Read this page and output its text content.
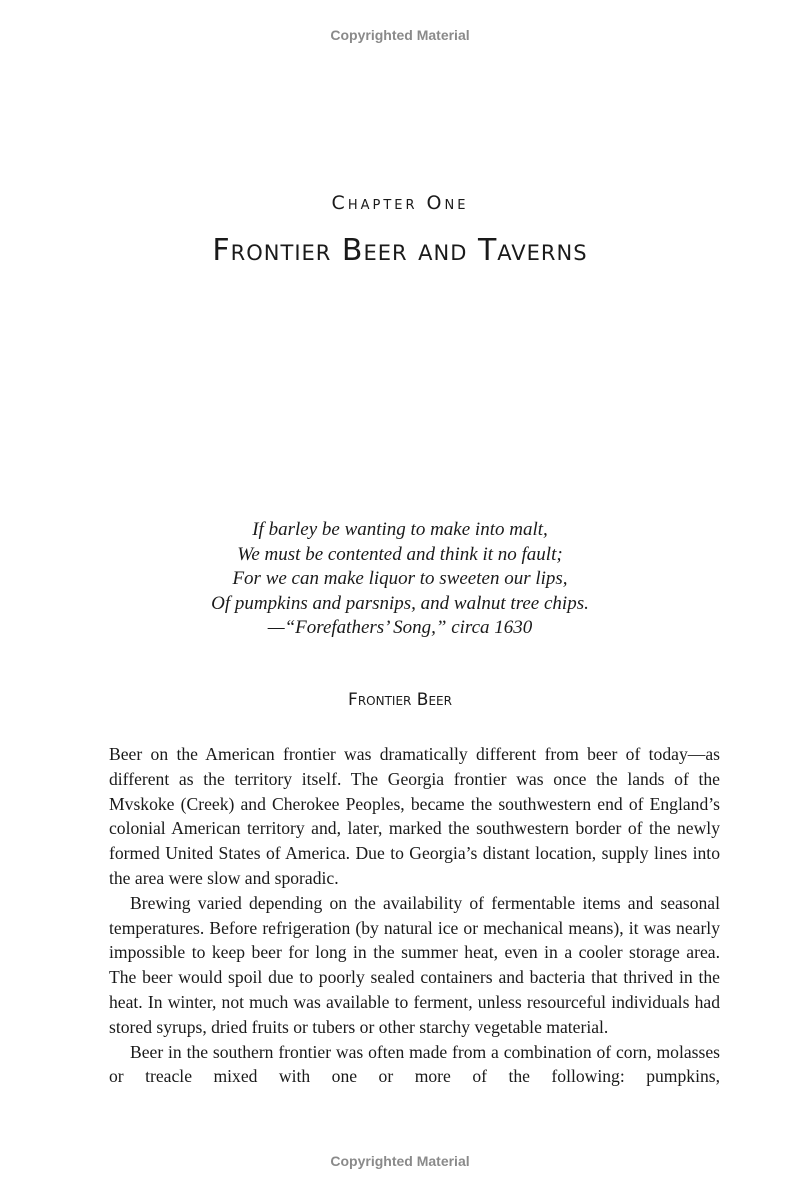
Copyrighted Material
Chapter One
Frontier Beer and Taverns
If barley be wanting to make into malt,
We must be contented and think it no fault;
For we can make liquor to sweeten our lips,
Of pumpkins and parsnips, and walnut tree chips.
—“Forefathers’ Song,” circa 1630
Frontier Beer

Beer on the American frontier was dramatically different from beer of today—as different as the territory itself. The Georgia frontier was once the lands of the Mvskoke (Creek) and Cherokee Peoples, became the southwestern end of England’s colonial American territory and, later, marked the southwestern border of the newly formed United States of America. Due to Georgia’s distant location, supply lines into the area were slow and sporadic.

Brewing varied depending on the availability of fermentable items and seasonal temperatures. Before refrigeration (by natural ice or mechanical means), it was nearly impossible to keep beer for long in the summer heat, even in a cooler storage area. The beer would spoil due to poorly sealed containers and bacteria that thrived in the heat. In winter, not much was available to ferment, unless resourceful individuals had stored syrups, dried fruits or tubers or other starchy vegetable material.

Beer in the southern frontier was often made from a combination of corn, molasses or treacle mixed with one or more of the following: pumpkins,

Copyrighted Material
